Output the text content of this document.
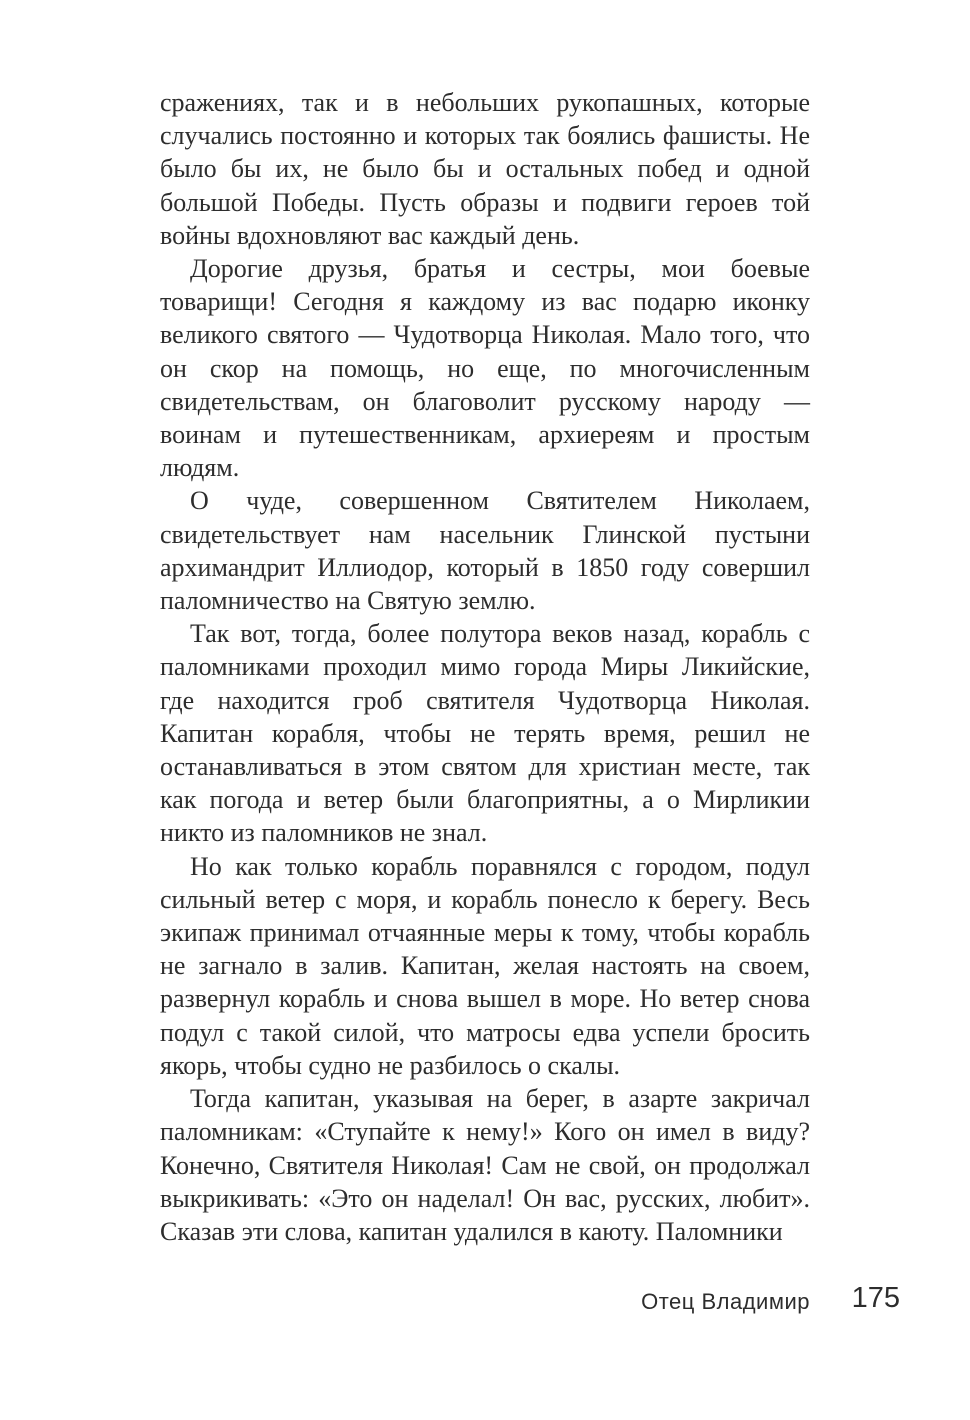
сражениях, так и в небольших рукопашных, которые случались постоянно и которых так боялись фашисты. Не было бы их, не было бы и остальных побед и одной большой Победы. Пусть образы и подвиги героев той войны вдохновляют вас каждый день.

Дорогие друзья, братья и сестры, мои боевые товарищи! Сегодня я каждому из вас подарю иконку великого святого — Чудотворца Николая. Мало того, что он скор на помощь, но еще, по многочисленным свидетельствам, он благоволит русскому народу — воинам и путешественникам, архиереям и простым людям.

О чуде, совершенном Святителем Николаем, свидетельствует нам насельник Глинской пустыни архимандрит Иллиодор, который в 1850 году совершил паломничество на Святую землю.

Так вот, тогда, более полутора веков назад, корабль с паломниками проходил мимо города Миры Ликийские, где находится гроб святителя Чудотворца Николая. Капитан корабля, чтобы не терять время, решил не останавливаться в этом святом для христиан месте, так как погода и ветер были благоприятны, а о Мирликии никто из паломников не знал.

Но как только корабль поравнялся с городом, подул сильный ветер с моря, и корабль понесло к берегу. Весь экипаж принимал отчаянные меры к тому, чтобы корабль не загнало в залив. Капитан, желая настоять на своем, развернул корабль и снова вышел в море. Но ветер снова подул с такой силой, что матросы едва успели бросить якорь, чтобы судно не разбилось о скалы.

Тогда капитан, указывая на берег, в азарте закричал паломникам: «Ступайте к нему!» Кого он имел в виду? Конечно, Святителя Николая! Сам не свой, он продолжал выкрикивать: «Это он наделал! Он вас, русских, любит». Сказав эти слова, капитан удалился в каюту. Паломники

Отец Владимир 175
